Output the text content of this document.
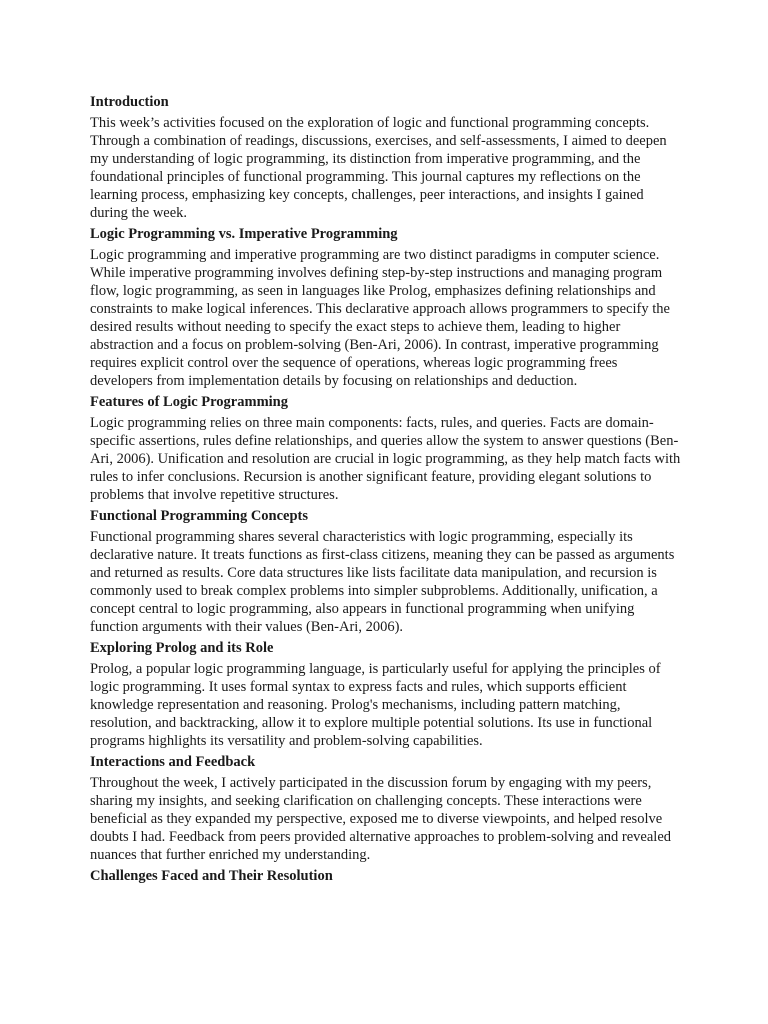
Introduction
This week’s activities focused on the exploration of logic and functional programming concepts. Through a combination of readings, discussions, exercises, and self-assessments, I aimed to deepen my understanding of logic programming, its distinction from imperative programming, and the foundational principles of functional programming. This journal captures my reflections on the learning process, emphasizing key concepts, challenges, peer interactions, and insights I gained during the week.
Logic Programming vs. Imperative Programming
Logic programming and imperative programming are two distinct paradigms in computer science. While imperative programming involves defining step-by-step instructions and managing program flow, logic programming, as seen in languages like Prolog, emphasizes defining relationships and constraints to make logical inferences. This declarative approach allows programmers to specify the desired results without needing to specify the exact steps to achieve them, leading to higher abstraction and a focus on problem-solving (Ben-Ari, 2006). In contrast, imperative programming requires explicit control over the sequence of operations, whereas logic programming frees developers from implementation details by focusing on relationships and deduction.
Features of Logic Programming
Logic programming relies on three main components: facts, rules, and queries. Facts are domain-specific assertions, rules define relationships, and queries allow the system to answer questions (Ben-Ari, 2006). Unification and resolution are crucial in logic programming, as they help match facts with rules to infer conclusions. Recursion is another significant feature, providing elegant solutions to problems that involve repetitive structures.
Functional Programming Concepts
Functional programming shares several characteristics with logic programming, especially its declarative nature. It treats functions as first-class citizens, meaning they can be passed as arguments and returned as results. Core data structures like lists facilitate data manipulation, and recursion is commonly used to break complex problems into simpler subproblems. Additionally, unification, a concept central to logic programming, also appears in functional programming when unifying function arguments with their values (Ben-Ari, 2006).
Exploring Prolog and its Role
Prolog, a popular logic programming language, is particularly useful for applying the principles of logic programming. It uses formal syntax to express facts and rules, which supports efficient knowledge representation and reasoning. Prolog's mechanisms, including pattern matching, resolution, and backtracking, allow it to explore multiple potential solutions. Its use in functional programs highlights its versatility and problem-solving capabilities.
Interactions and Feedback
Throughout the week, I actively participated in the discussion forum by engaging with my peers, sharing my insights, and seeking clarification on challenging concepts. These interactions were beneficial as they expanded my perspective, exposed me to diverse viewpoints, and helped resolve doubts I had. Feedback from peers provided alternative approaches to problem-solving and revealed nuances that further enriched my understanding.
Challenges Faced and Their Resolution
